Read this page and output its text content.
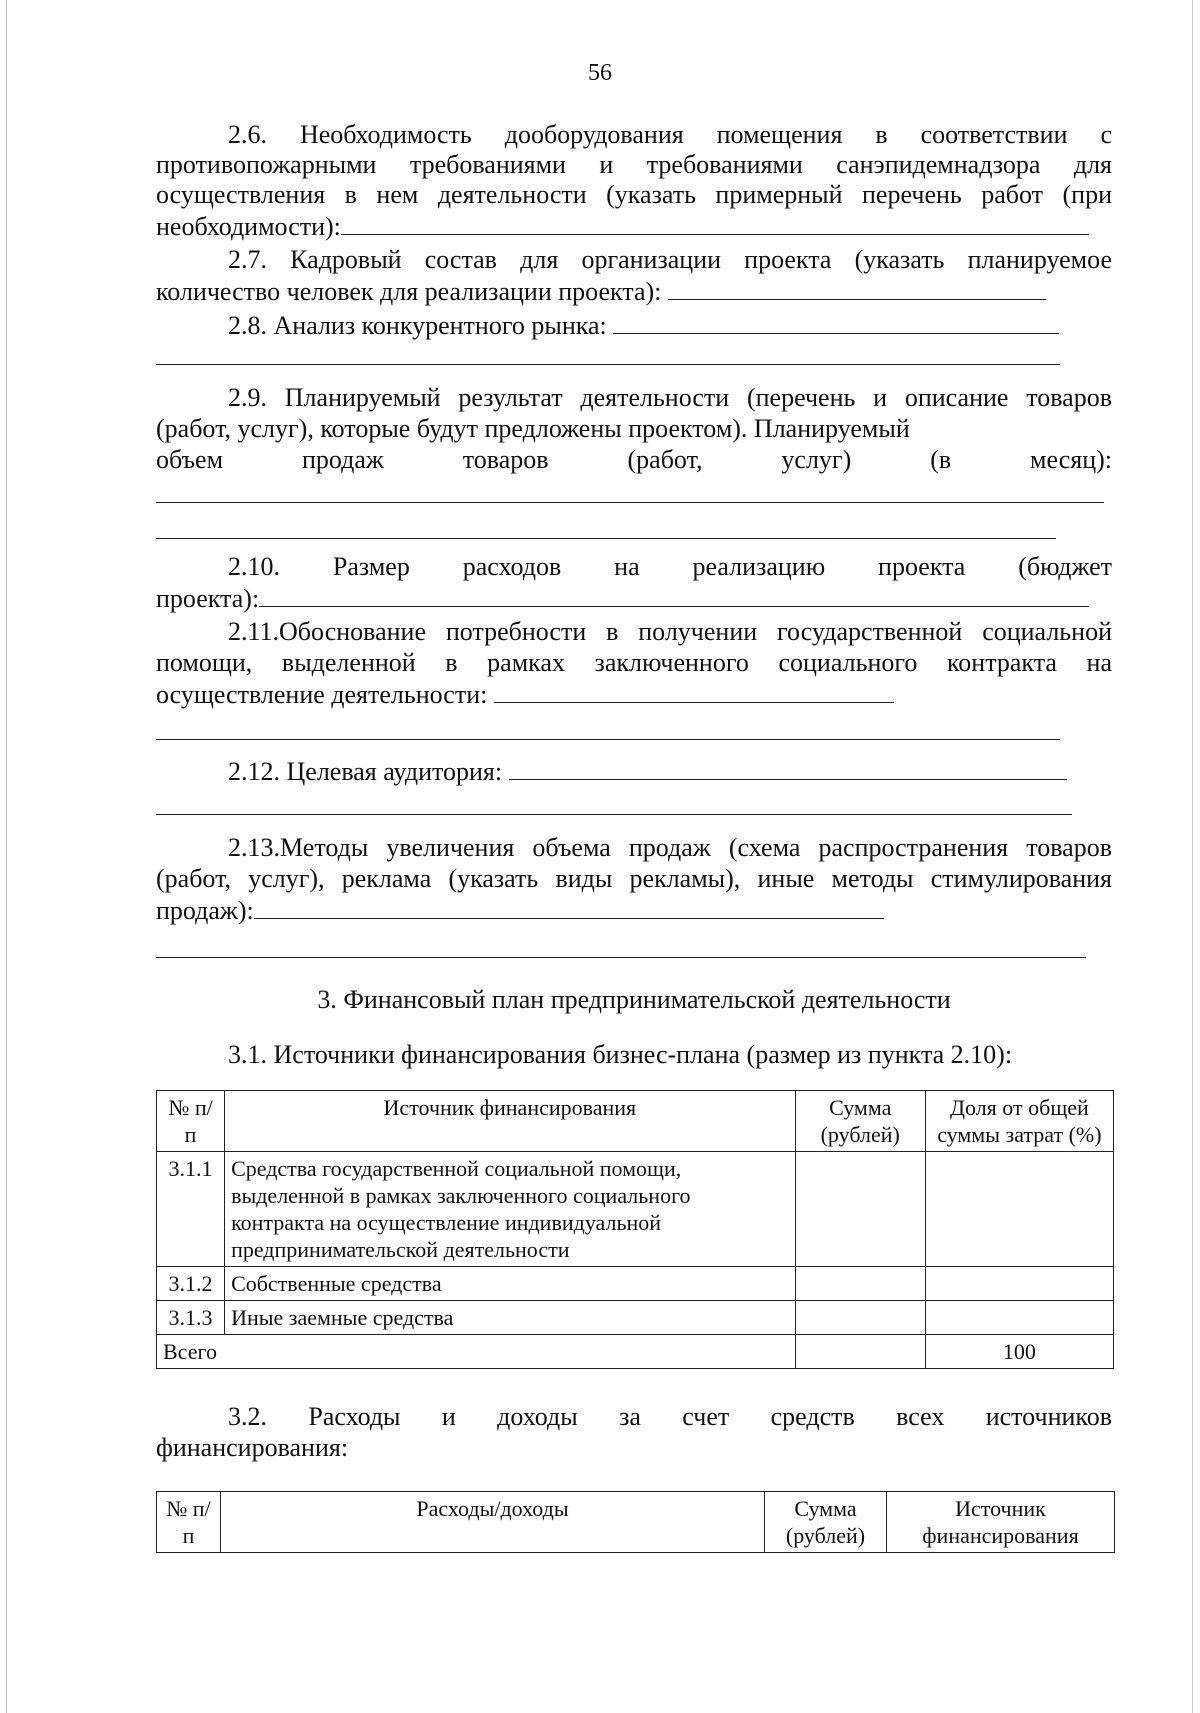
56

2.6. Необходимость дооборудования помещения в соответствии с противопожарными требованиями и требованиями санэпидемнадзора для осуществления в нем деятельности (указать примерный перечень работ (при необходимости):

2.7. Кадровый состав для организации проекта (указать планируемое количество человек для реализации проекта):

2.8. Анализ конкурентного рынка:

2.9. Планируемый результат деятельности (перечень и описание товаров (работ, услуг), которые будут предложены проектом). Планируемый

объем продаж товаров (работ, услуг) (в месяц):

2.10. Размер расходов на реализацию проекта (бюджет

проекта):

2.11.Обоснование потребности в получении государственной социальной помощи, выделенной в рамках заключенного социального контракта на осуществление деятельности:

2.12. Целевая аудитория:

2.13.Методы увеличения объема продаж (схема распространения товаров (работ, услуг), реклама (указать виды рекламы), иные методы стимулирования продаж):

3. Финансовый план предпринимательской деятельности

3.1. Источники финансирования бизнес-плана (размер из пункта 2.10):

№ п/п	Источник финансирования	Сумма (рублей)	Доля от общей суммы затрат (%)
3.1.1	Средства государственной социальной помощи, выделенной в рамках заключенного социального контракта на осуществление индивидуальной предпринимательской деятельности		
3.1.2	Собственные средства		
3.1.3	Иные заемные средства		
Всего			100

3.2. Расходы и доходы за счет средств всех источников

финансирования:

№ п/п	Расходы/доходы	Сумма (рублей)	Источник финансирования
